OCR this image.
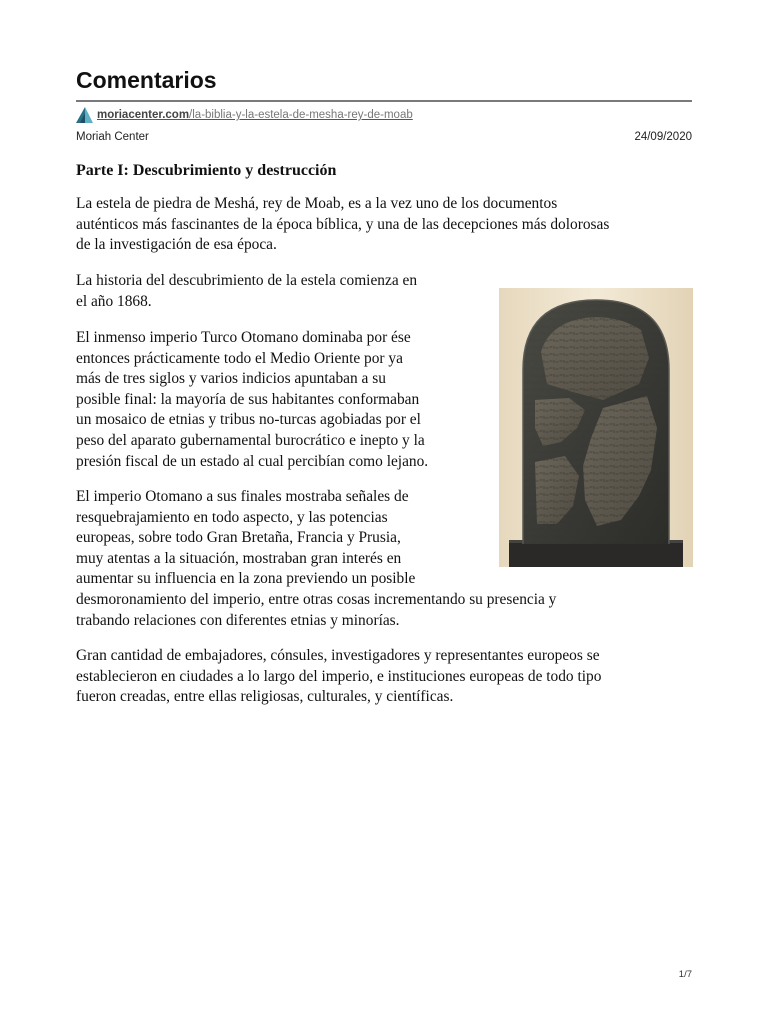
Comentarios
moriacenter.com/la-biblia-y-la-estela-de-mesha-rey-de-moab
Moriah Center	24/09/2020
Parte I: Descubrimiento y destrucción

La estela de piedra de Meshá, rey de Moab, es a la vez uno de los documentos
auténticos más fascinantes de la época bíblica, y una de las decepciones más dolorosas
de la investigación de esa época.

La historia del descubrimiento de la estela comienza en
el año 1868.

El inmenso imperio Turco Otomano dominaba por ése
entonces prácticamente todo el Medio Oriente por ya
más de tres siglos y varios indicios apuntaban a su
posible final: la mayoría de sus habitantes conformaban
un mosaico de etnias y tribus no-turcas agobiadas por el
peso del aparato gubernamental burocrático e inepto y la
presión fiscal de un estado al cual percibían como lejano.

El imperio Otomano a sus finales mostraba señales de
resquebrajamiento en todo aspecto, y las potencias
europeas, sobre todo Gran Bretaña, Francia y Prusia,
muy atentas a la situación, mostraban gran interés en
aumentar su influencia en la zona previendo un posible
desmoronamiento del imperio, entre otras cosas incrementando su presencia y
trabando relaciones con diferentes etnias y minorías.

Gran cantidad de embajadores, cónsules, investigadores y representantes europeos se
establecieron en ciudades a lo largo del imperio, e instituciones europeas de todo tipo
fueron creadas, entre ellas religiosas, culturales, y científicas.

1/7
